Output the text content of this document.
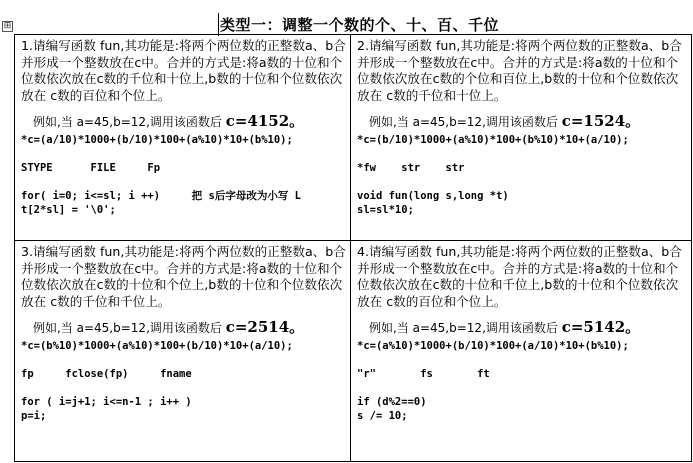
⊞	类型一：调整一个数的个、十、百、千位

1.请编写函数 fun,其功能是:将两个两位数的正整数a、b合并形成一个整数放在c中。合并的方式是:将a数的十位和个位数依次放在c数的千位和十位上,b数的十位和个位数依次放在 c数的百位和个位上。

例如,当 a=45,b=12,调用该函数后 c=4152。

*c=(a/10)*1000+(b/10)*100+(a%10)*10+(b%10);

STYPE      FILE     Fp

for( i=0; i<=sl; i ++)     把 s后字母改为小写 L

t[2*sl] = '\0';

2.请编写函数 fun,其功能是:将两个两位数的正整数a、b合并形成一个整数放在c中。合并的方式是:将a数的十位和个位数依次放在c数的个位和百位上,b数的十位和个位数依次放在 c数的千位和十位上。

例如,当 a=45,b=12,调用该函数后 c=1524。

*c=(b/10)*1000+(a%10)*100+(b%10)*10+(a/10);

*fw    str    str

void fun(long s,long *t)

sl=sl*10;

3.请编写函数 fun,其功能是:将两个两位数的正整数a、b合并形成一个整数放在c中。合并的方式是:将a数的十位和个位数依次放在c数的十位和个位上,b数的十位和个位数依次放在 c数的千位和千位上。

例如,当 a=45,b=12,调用该函数后 c=2514。

*c=(b%10)*1000+(a%10)*100+(b/10)*10+(a/10);

fp     fclose(fp)     fname

for ( i=j+1; i<=n-1 ; i++ )

p=i;

4.请编写函数 fun,其功能是:将两个两位数的正整数a、b合并形成一个整数放在c中。合并的方式是:将a数的十位和个位数依次放在c数的十位和千位上,b数的十位和个位数依次放在 c数的百位和个位上。

例如,当 a=45,b=12,调用该函数后 c=5142。

*c=(a%10)*1000+(b/10)*100+(a/10)*10+(b%10);

"r"       fs       ft

if (d%2==0)

s /= 10;
